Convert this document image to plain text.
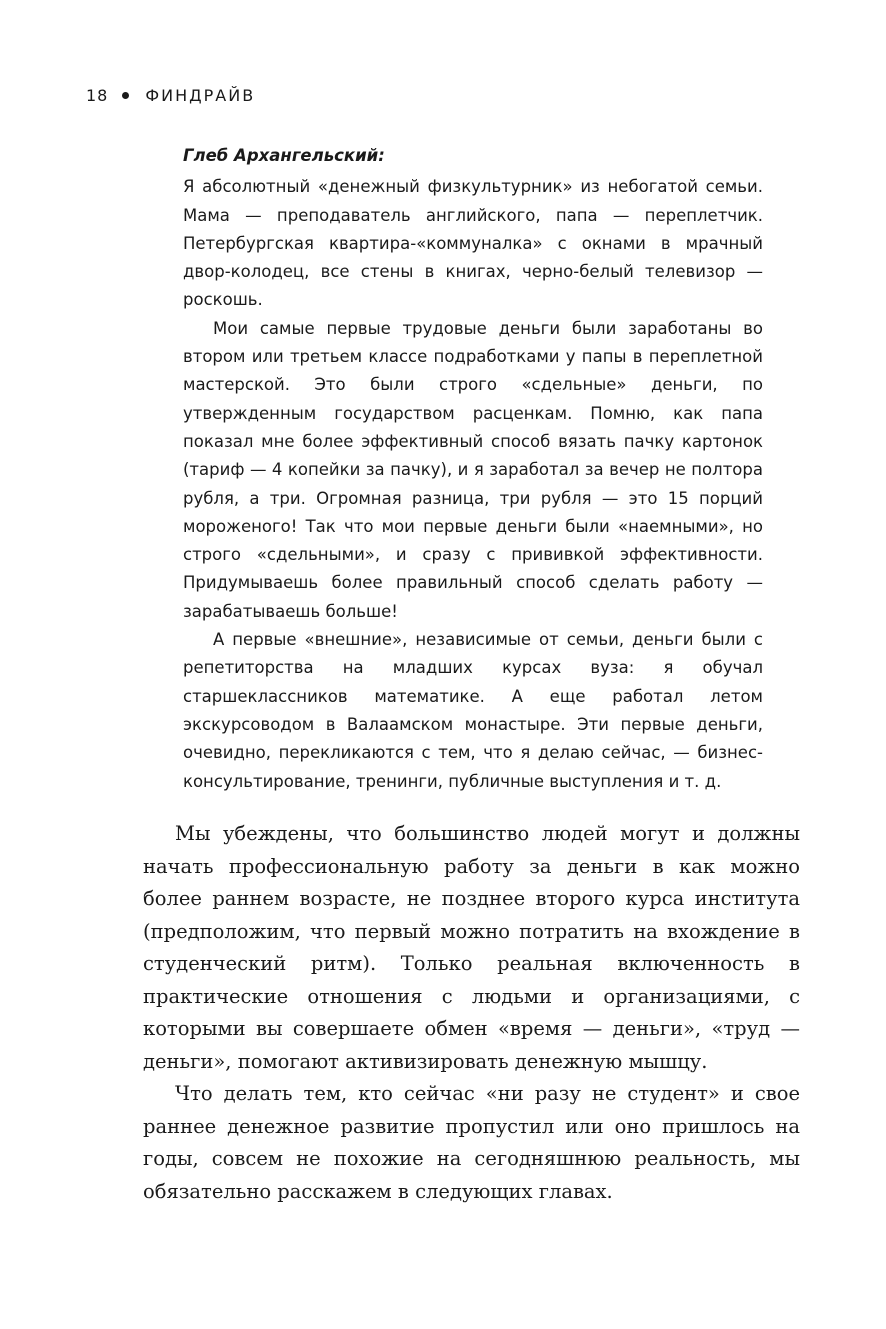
18 ФИНДРАЙВ
Глеб Архангельский:

Я абсолютный «денежный физкультурник» из небогатой семьи. Мама — преподаватель английского, папа — переплетчик. Петербургская квартира-«коммуналка» с окнами в мрачный двор-колодец, все стены в книгах, черно-белый телевизор — роскошь.

Мои самые первые трудовые деньги были заработаны во втором или третьем классе подработками у папы в переплетной мастерской. Это были строго «сдельные» деньги, по утвержденным государством расценкам. Помню, как папа показал мне более эффективный способ вязать пачку картонок (тариф — 4 копейки за пачку), и я заработал за вечер не полтора рубля, а три. Огромная разница, три рубля — это 15 порций мороженого! Так что мои первые деньги были «наемными», но строго «сдельными», и сразу с прививкой эффективности. Придумываешь более правильный способ сделать работу — зарабатываешь больше!

А первые «внешние», независимые от семьи, деньги были с репетиторства на младших курсах вуза: я обучал старшеклассников математике. А еще работал летом экскурсоводом в Валаамском монастыре. Эти первые деньги, очевидно, перекликаются с тем, что я делаю сейчас, — бизнес-консультирование, тренинги, публичные выступления и т. д.

Мы убеждены, что большинство людей могут и должны начать профессиональную работу за деньги в как можно более раннем возрасте, не позднее второго курса института (предположим, что первый можно потратить на вхождение в студенческий ритм). Только реальная включенность в практические отношения с людьми и организациями, с которыми вы совершаете обмен «время — деньги», «труд — деньги», помогают активизировать денежную мышцу.

Что делать тем, кто сейчас «ни разу не студент» и свое раннее денежное развитие пропустил или оно пришлось на годы, совсем не похожие на сегодняшнюю реальность, мы обязательно расскажем в следующих главах.
